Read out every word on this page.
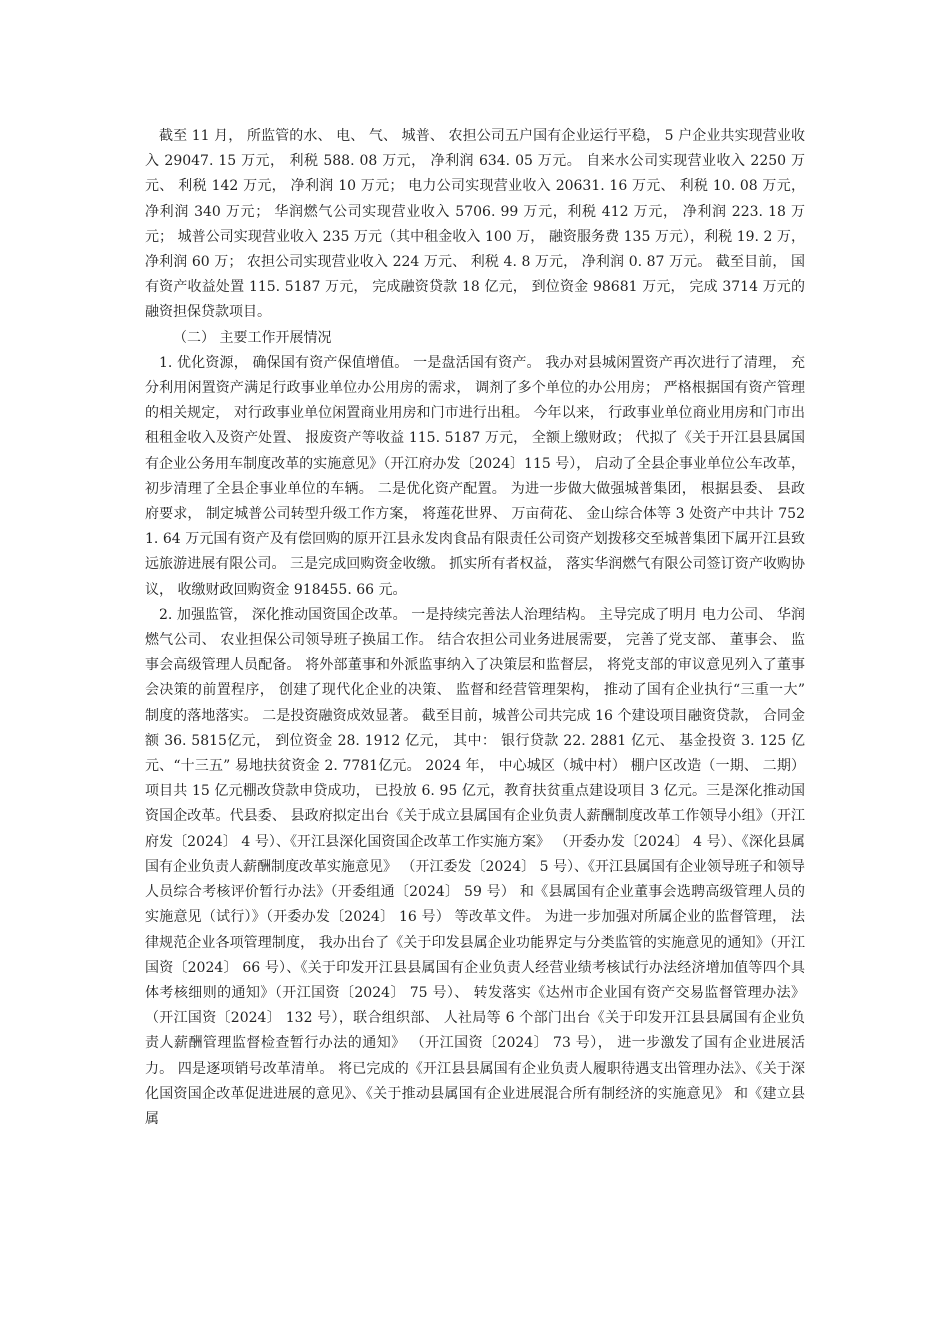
截至 11 月， 所监管的水、 电、 气、 城普、 农担公司五户国有企业运行平稳， 5 户企业共实现营业收入 29047. 15 万元， 利税 588. 08 万元， 净利润 634. 05 万元。 自来水公司实现营业收入 2250 万元、 利税 142 万元， 净利润 10 万元； 电力公司实现营业收入 20631. 16 万元、 利税 10. 08 万元， 净利润 340 万元； 华润燃气公司实现营业收入 5706. 99 万元，利税 412 万元， 净利润 223. 18 万元； 城普公司实现营业收入 235 万元（其中租金收入 100 万， 融资服务费 135 万元），利税 19. 2 万， 净利润 60 万； 农担公司实现营业收入 224 万元、 利税 4. 8 万元， 净利润 0. 87 万元。 截至目前， 国有资产收益处置 115. 5187 万元， 完成融资贷款 18 亿元， 到位资金 98681 万元， 完成 3714 万元的融资担保贷款项目。

（二） 主要工作开展情况

1. 优化资源， 确保国有资产保值增值。 一是盘活国有资产。 我办对县城闲置资产再次进行了清理， 充分利用闲置资产满足行政事业单位办公用房的需求， 调剂了多个单位的办公用房； 严格根据国有资产管理的相关规定， 对行政事业单位闲置商业用房和门市进行出租。 今年以来， 行政事业单位商业用房和门市出租租金收入及资产处置、 报废资产等收益 115. 5187 万元， 全额上缴财政； 代拟了《关于开江县县属国有企业公务用车制度改革的实施意见》（开江府办发〔2024〕115 号）， 启动了全县企事业单位公车改革， 初步清理了全县企事业单位的车辆。 二是优化资产配置。 为进一步做大做强城普集团， 根据县委、 县政府要求， 制定城普公司转型升级工作方案， 将莲花世界、 万亩荷花、 金山综合体等 3 处资产中共计 7521. 64 万元国有资产及有偿回购的原开江县永发肉食品有限责任公司资产划拨移交至城普集团下属开江县致远旅游进展有限公司。 三是完成回购资金收缴。 抓实所有者权益， 落实华润燃气有限公司签订资产收购协议， 收缴财政回购资金 918455. 66 元。

2. 加强监管， 深化推动国资国企改革。 一是持续完善法人治理结构。 主导完成了明月 电力公司、 华润燃气公司、 农业担保公司领导班子换届工作。 结合农担公司业务进展需要， 完善了党支部、 董事会、 监事会高级管理人员配备。 将外部董事和外派监事纳入了决策层和监督层， 将党支部的审议意见列入了董事会决策的前置程序， 创建了现代化企业的决策、 监督和经营管理架构， 推动了国有企业执行“三重一大” 制度的落地落实。 二是投资融资成效显著。 截至目前，城普公司共完成 16 个建设项目融资贷款， 合同金额 36. 5815亿元， 到位资金 28. 1912 亿元， 其中： 银行贷款 22. 2881 亿元、 基金投资 3. 125 亿元、“十三五” 易地扶贫资金 2. 7781亿元。 2024 年， 中心城区（城中村） 棚户区改造（一期、 二期） 项目共 15 亿元棚改贷款申贷成功， 已投放 6. 95 亿元，教育扶贫重点建设项目 3 亿元。三是深化推动国资国企改革。代县委、 县政府拟定出台《关于成立县属国有企业负责人薪酬制度改革工作领导小组》（开江府发〔2024〕 4 号）、《开江县深化国资国企改革工作实施方案》 （开委办发〔2024〕 4 号）、《深化县属国有企业负责人薪酬制度改革实施意见》 （开江委发〔2024〕 5 号）、《开江县属国有企业领导班子和领导人员综合考核评价暂行办法》（开委组通〔2024〕 59 号） 和《县属国有企业董事会选聘高级管理人员的实施意见（试行）》（开委办发〔2024〕 16 号） 等改革文件。 为进一步加强对所属企业的监督管理， 法律规范企业各项管理制度， 我办出台了《关于印发县属企业功能界定与分类监管的实施意见的通知》（开江国资〔2024〕 66 号）、《关于印发开江县县属国有企业负责人经营业绩考核试行办法经济增加值等四个具体考核细则的通知》（开江国资〔2024〕 75 号）、 转发落实《达州市企业国有资产交易监督管理办法》 （开江国资〔2024〕 132 号），联合组织部、 人社局等 6 个部门出台《关于印发开江县县属国有企业负责人薪酬管理监督检查暂行办法的通知》 （开江国资〔2024〕 73 号）， 进一步激发了国有企业进展活力。 四是逐项销号改革清单。 将已完成的《开江县县属国有企业负责人履职待遇支出管理办法》、《关于深化国资国企改革促进进展的意见》、《关于推动县属国有企业进展混合所有制经济的实施意见》 和《建立县属
